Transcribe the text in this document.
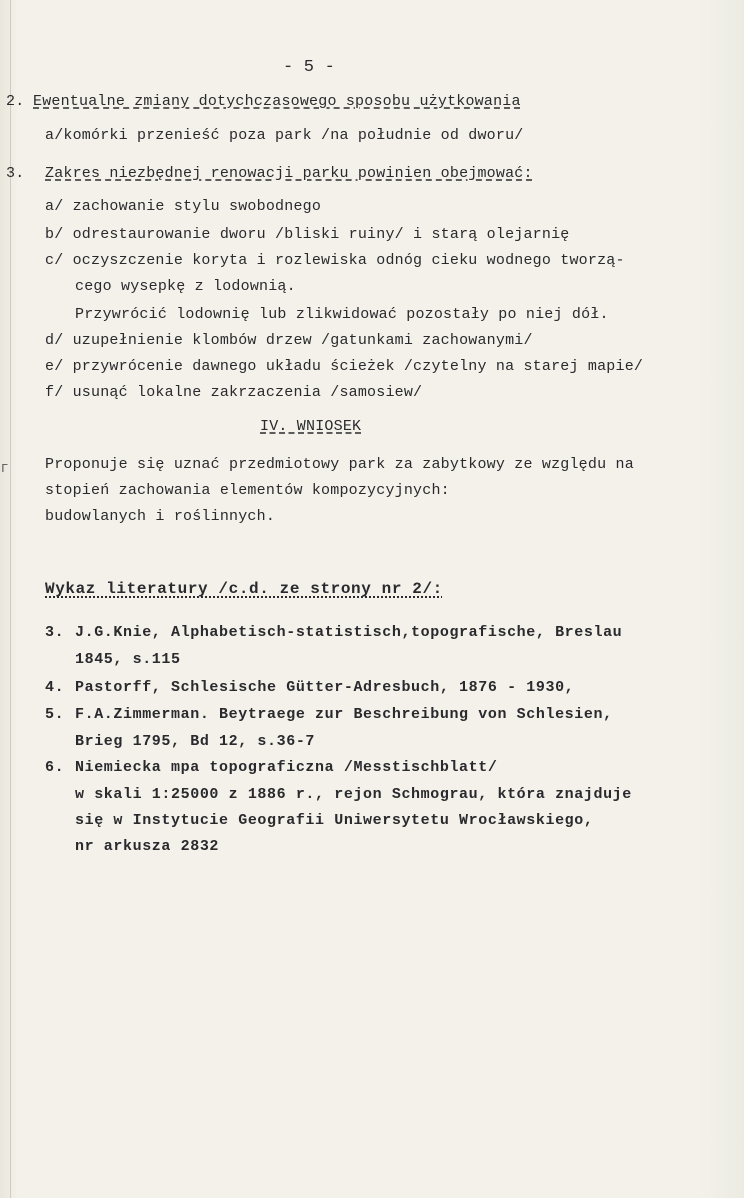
- 5 -
2. Ewentualne zmiany dotychczasowego sposobu użytkowania
a/komórki przenieść poza park /na południe od dworu/
3. Zakres niezbędnej renowacji parku powinien obejmować:
a/ zachowanie stylu swobodnego
b/ odrestaurowanie dworu /bliski ruiny/ i starą olejarnię
c/ oczyszczenie koryta i rozlewiska odnóg cieku wodnego tworzą-
cego wysepkę z lodownią.
Przywrócić lodownię lub zlikwidować pozostały po niej dół.
d/ uzupełnienie klombów drzew /gatunkami zachowanymi/
e/ przywrócenie dawnego układu ścieżek /czytelny na starej mapie/
f/ usunąć lokalne zakrzaczenia /samosiew/
IV. WNIOSEK
Г Proponuje się uznać przedmiotowy park za zabytkowy ze względu na
stopień zachowania elementów kompozycyjnych:
budowlanych i roślinnych.
Wykaz literatury /c.d. ze strony nr 2/:
3. J.G.Knie, Alphabetisch-statistisch,topografische, Breslau
1845, s.115
4. Pastorff, Schlesische Gütter-Adresbuch, 1876 - 1930,
5. F.A.Zimmerman. Beytraege zur Beschreibung von Schlesien,
Brieg 1795, Bd 12, s.36-7
6. Niemiecka mpa topograficzna /Messtischblatt/
w skali 1:25000 z 1886 r., rejon Schmograu, która znajduje
się w Instytucie Geografii Uniwersytetu Wrocławskiego,
nr arkusza 2832
